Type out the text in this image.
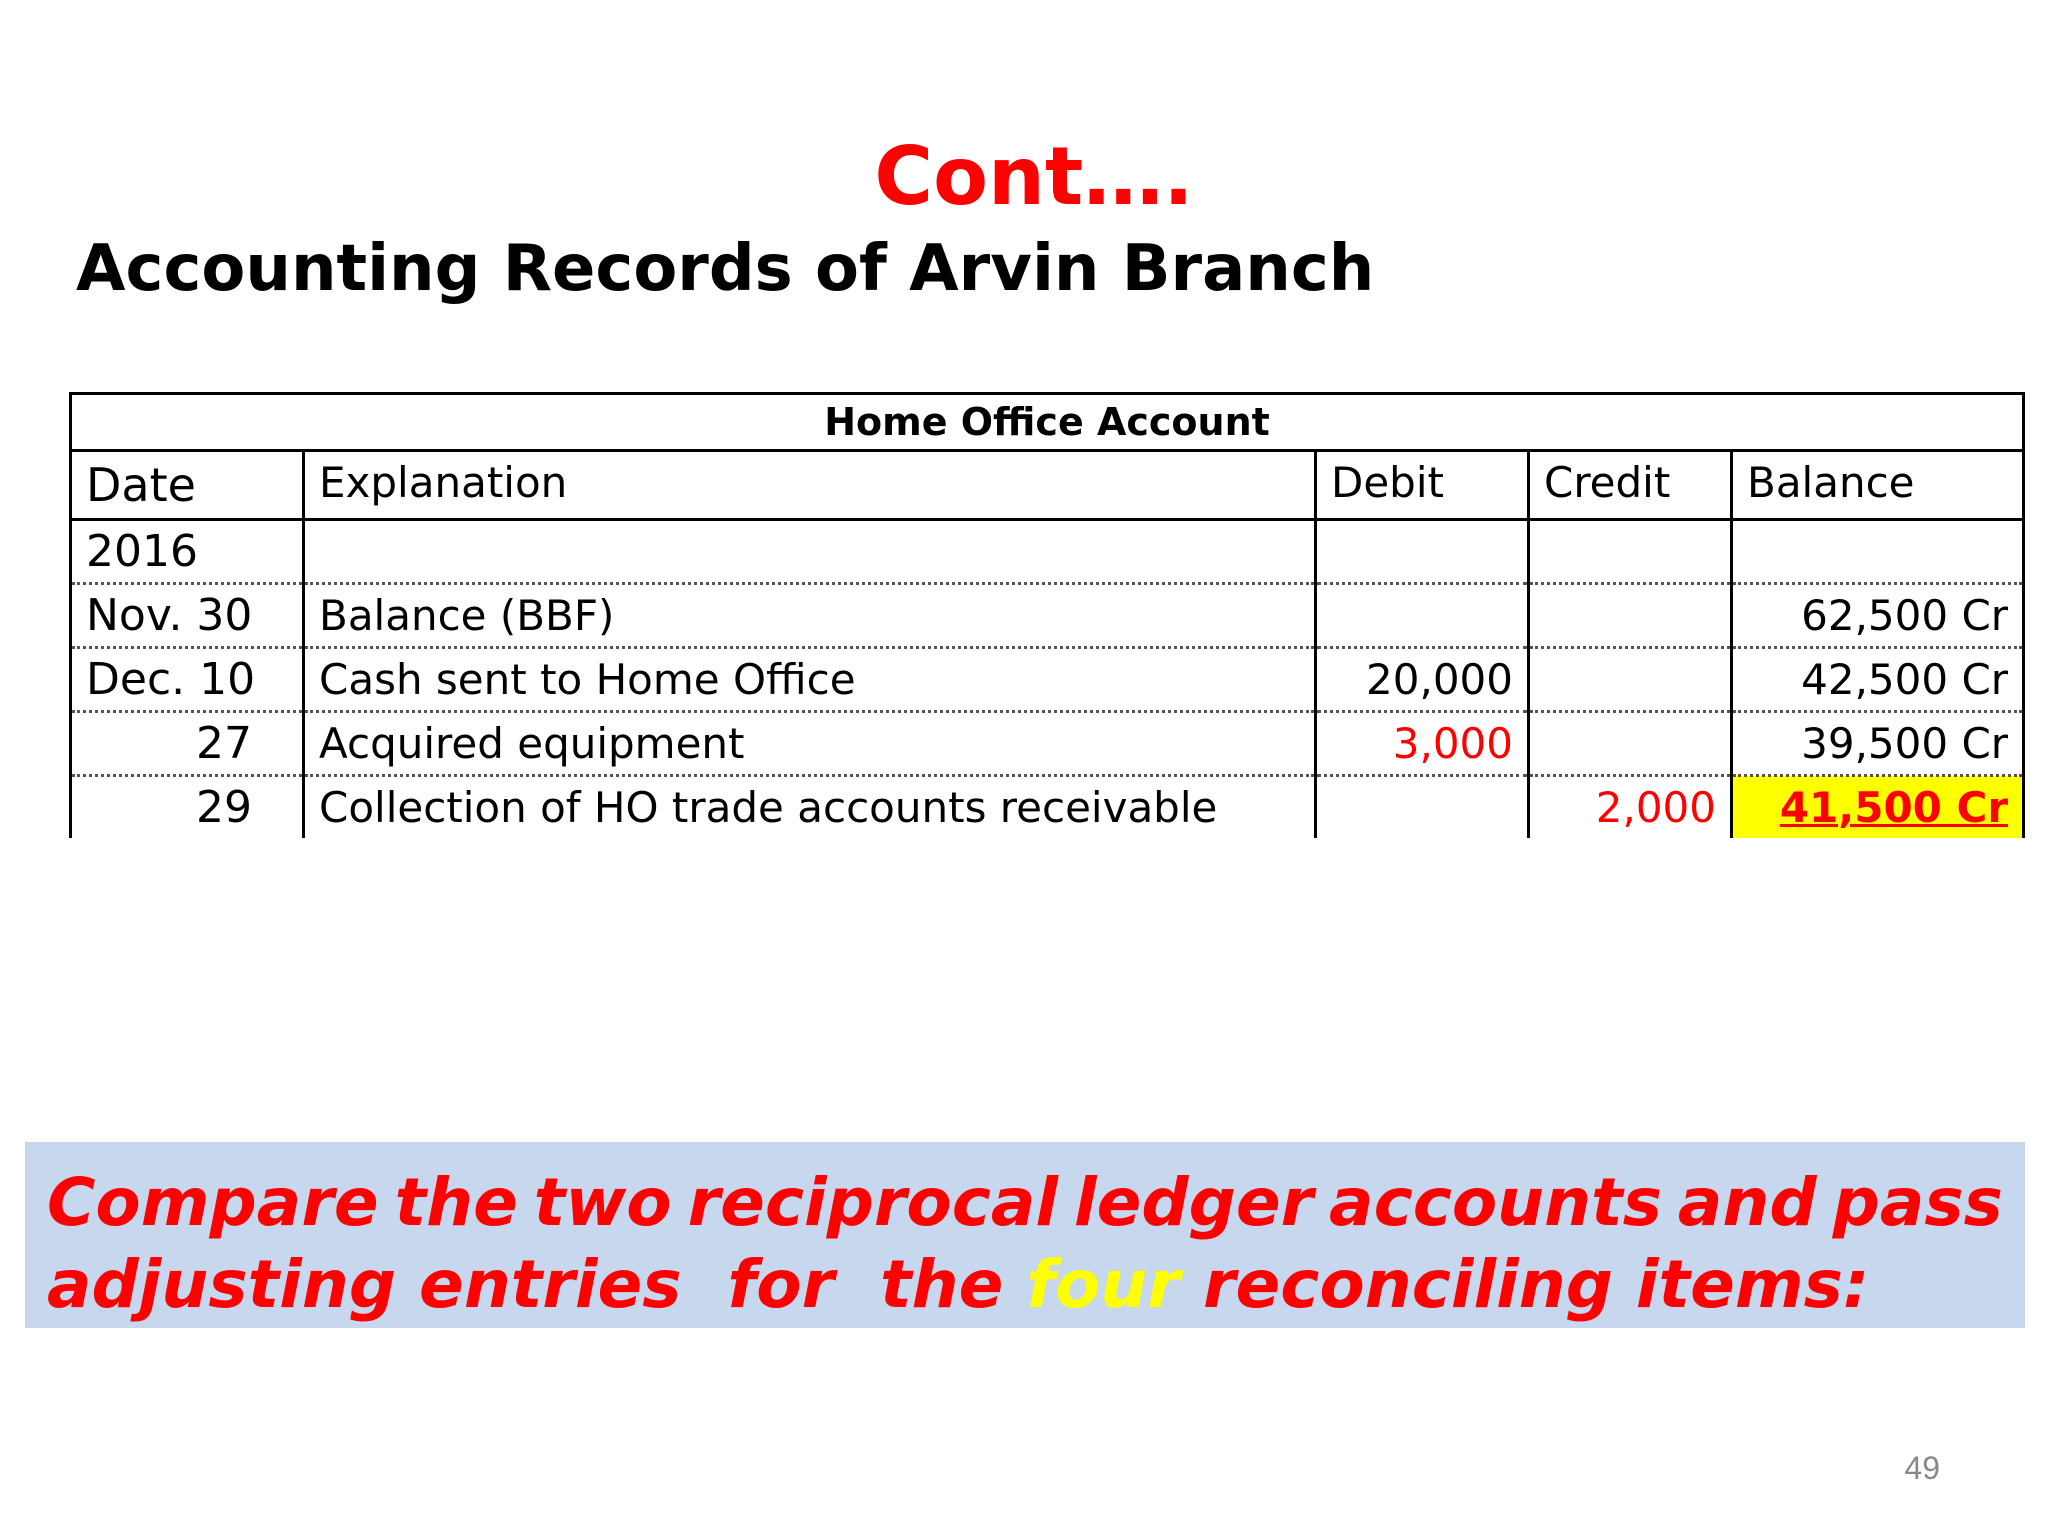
Cont….
Accounting Records of Arvin Branch
Home Office Account				
Date	Explanation	Debit	Credit	Balance
2016				
Nov. 30	Balance (BBF)			62,500 Cr
Dec. 10	Cash sent to Home Office	20,000		42,500 Cr
27	Acquired equipment	3,000		39,500 Cr
29	Collection of HO trade accounts receivable		2,000	41,500 Cr

Compare the two reciprocal ledger accounts and pass

adjusting entries  for  the four reconciling items:

49
